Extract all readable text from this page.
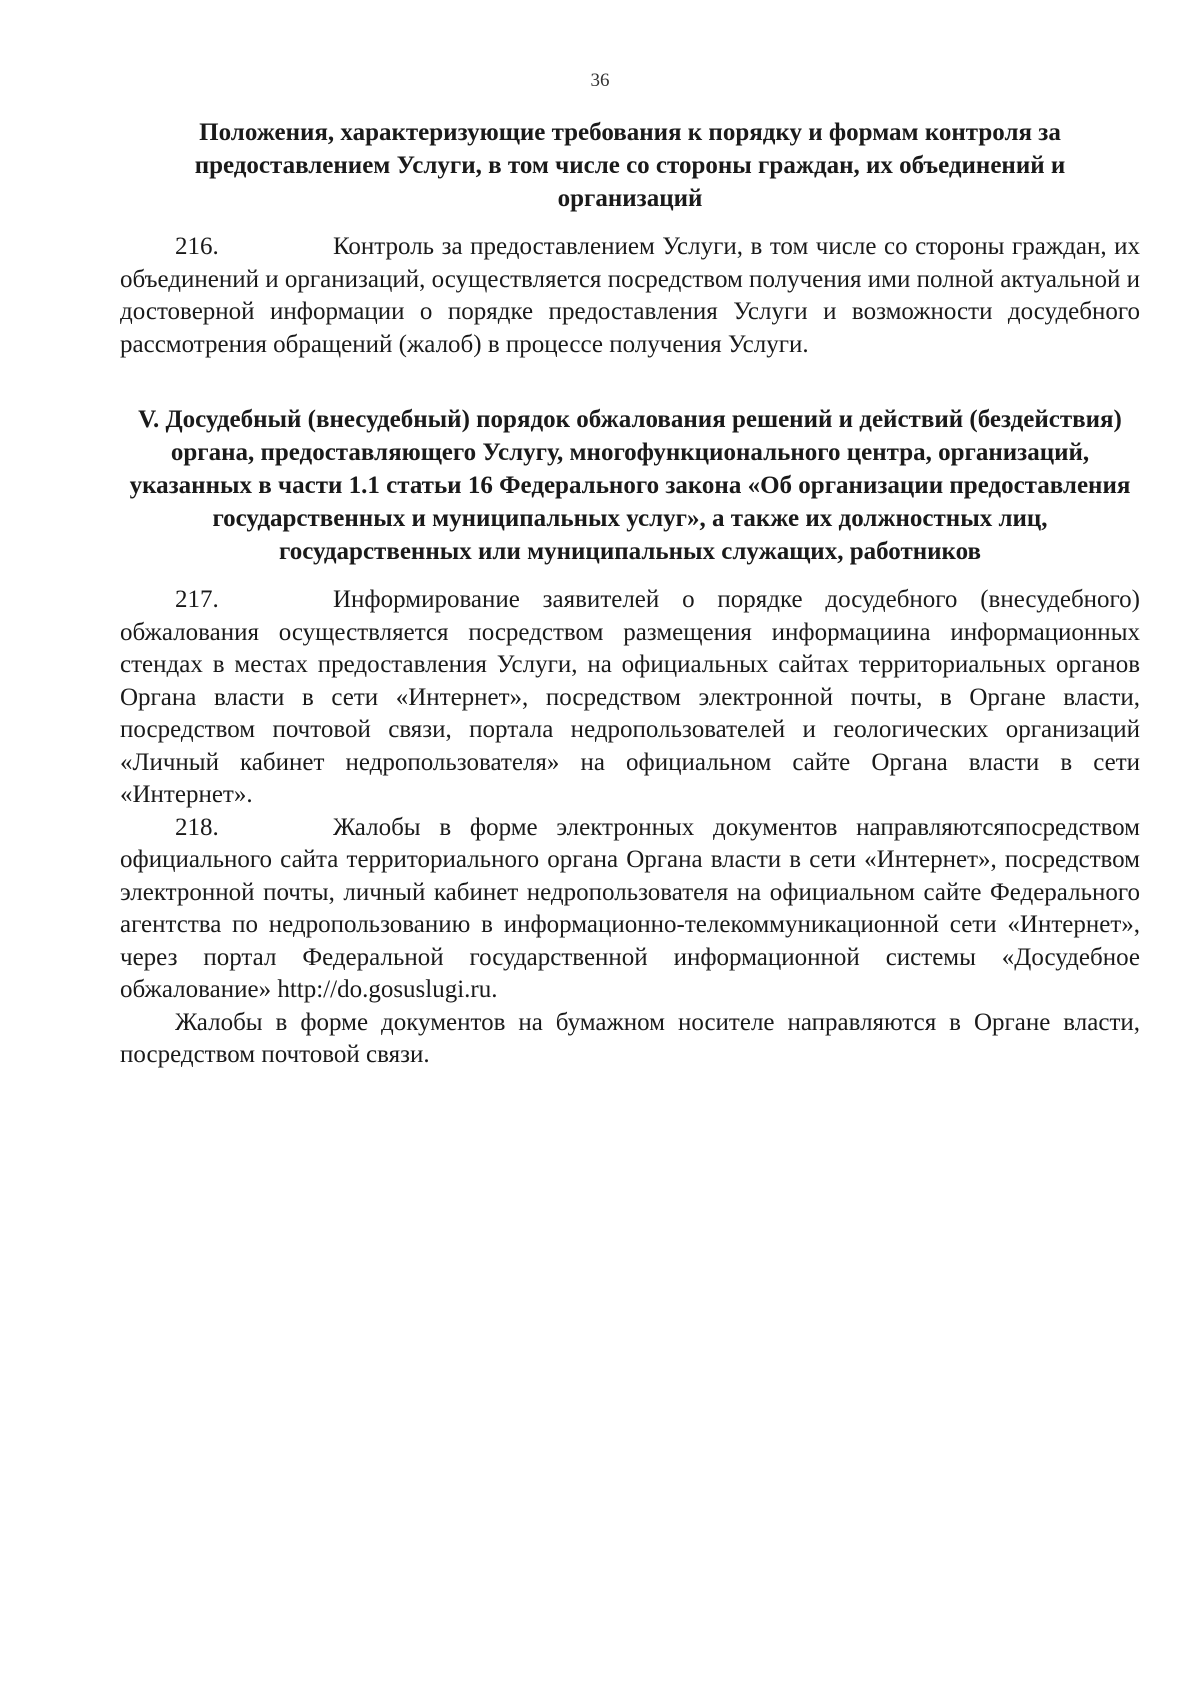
36
Положения, характеризующие требования к порядку и формам контроля за предоставлением Услуги, в том числе со стороны граждан, их объединений и организаций

216.	Контроль за предоставлением Услуги, в том числе со стороны граждан, их объединений и организаций, осуществляется посредством получения ими полной актуальной и достоверной информации о порядке предоставления Услуги и возможности досудебного рассмотрения обращений (жалоб) в процессе получения Услуги.

V. Досудебный (внесудебный) порядок обжалования решений и действий (бездействия) органа, предоставляющего Услугу, многофункционального центра, организаций, указанных в части 1.1 статьи 16 Федерального закона «Об организации предоставления государственных и муниципальных услуг», а также их должностных лиц, государственных или муниципальных служащих, работников

217.	Информирование заявителей о порядке досудебного (внесудебного) обжалования осуществляется посредством размещения информациина информационных стендах в местах предоставления Услуги, на официальных сайтах территориальных органов Органа власти в сети «Интернет», посредством электронной почты, в Органе власти, посредством почтовой связи, портала недропользователей и геологических организаций «Личный кабинет недропользователя» на официальном сайте Органа власти в сети «Интернет».

218.	Жалобы в форме электронных документов направляютсяпосредством официального сайта территориального органа Органа власти в сети «Интернет», посредством электронной почты, личный кабинет недропользователя на официальном сайте Федерального агентства по недропользованию в информационно-телекоммуникационной сети «Интернет», через портал Федеральной государственной информационной системы «Досудебное обжалование» http://do.gosuslugi.ru.

Жалобы в форме документов на бумажном носителе направляются в Органе власти, посредством почтовой связи.
